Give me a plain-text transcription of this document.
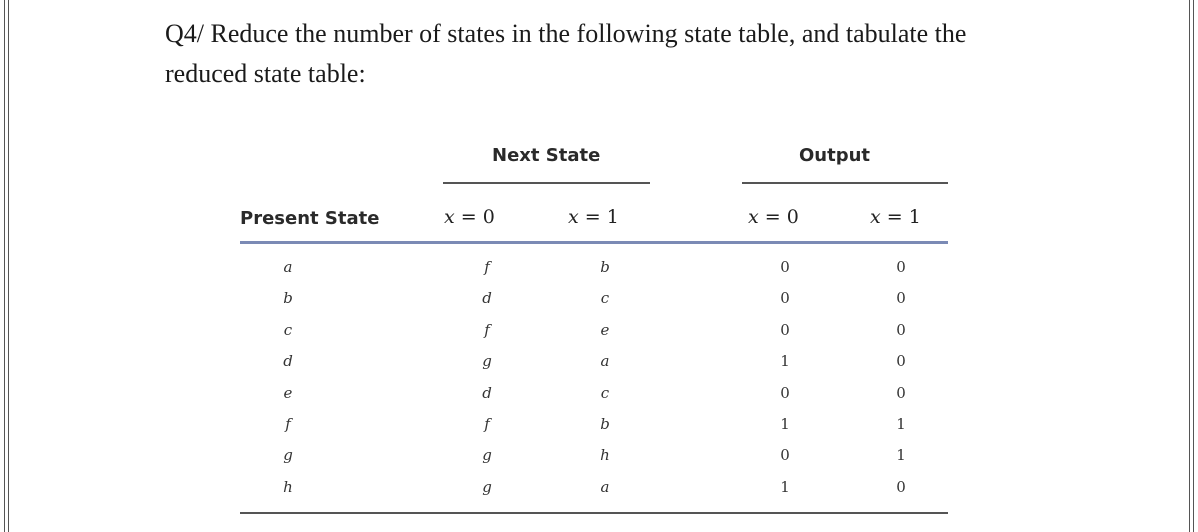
Q4/ Reduce the number of states in the following state table, and tabulate the
reduced state table:
Next State	Output
Present State	x = 0	x = 1	x = 0	x = 1
a	f	b	0	0
b	d	c	0	0
c	f	e	0	0
d	g	a	1	0
e	d	c	0	0
f	f	b	1	1
g	g	h	0	1
h	g	a	1	0
